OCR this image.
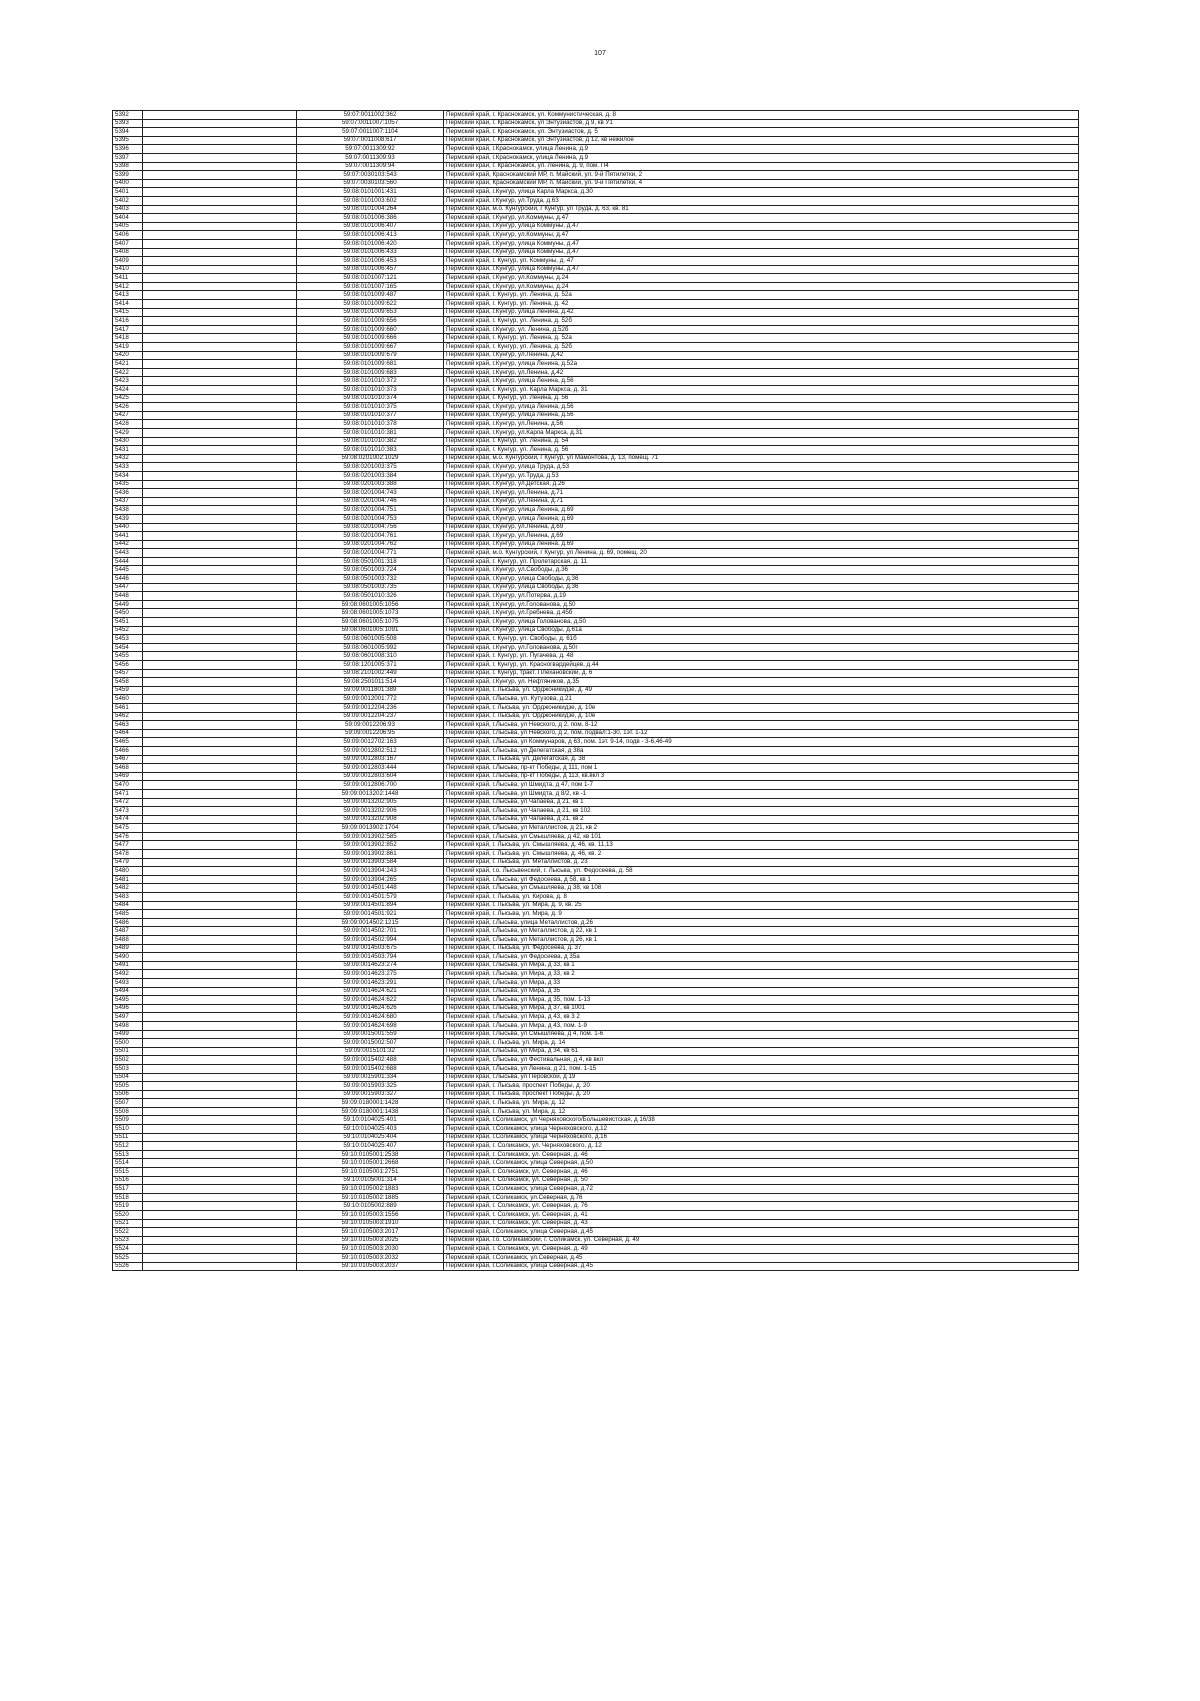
107
5392		59:07:0011002:362	Пермский край, г. Краснокамск, ул. Коммунистическая, д. 8
5393		59:07:0011007:1057	Пермский край, г. Краснокамск, ул Энтузиастов, д 9, кв У1
5394		59:07:0011007:1104	Пермский край, г. Краснокамск, ул. Энтузиастов, д. 5
5395		59:07:0011008:617	Пермский край, г. Краснокамск, ул Энтузиастов, д 12, кв нежилое
5396		59:07:0011309:92	Пермский край, г.Краснокамск, улица Ленина, д.9
5397		59:07:0011309:93	Пермский край, г.Краснокамск, улица Ленина, д.9
5398		59:07:0011309:94	Пермский край, г. Краснокамск, ул. Ленина, д. 9, пом. П4
5399		59:07:0030103:543	Пермский край, Краснокамский МР, п. Майский, ул. 9-й Пятилетки, 2
5400		59:07:0030103:560	Пермский край, Краснокамский МР, п. Майский, ул. 9-й Пятилетки, 4
5401		59:08:0101001:431	Пермский край, г.Кунгур, улица Карла Маркса, д.30
5402		59:08:0101003:602	Пермский край, г.Кунгур, ул.Труда, д.63
5403		59:08:0101004:264	Пермский край, м.о. Кунгурский, г Кунгур, ул Труда, д. 63, кв. 81
5404		59:08:0101006:386	Пермский край, г.Кунгур, ул.Коммуны, д.47
5405		59:08:0101006:407	Пермский край, г.Кунгур, улица Коммуны, д.47
5406		59:08:0101006:413	Пермский край, г.Кунгур, ул.Коммуны, д.47
5407		59:08:0101006:420	Пермский край, г.Кунгур, улица Коммуны, д.47
5408		59:08:0101006:433	Пермский край, г.Кунгур, улица Коммуны, д.47
5409		59:08:0101006:453	Пермский край, г. Кунгур, ул. Коммуны, д. 47
5410		59:08:0101006:457	Пермский край, г.Кунгур, улица Коммуны, д.47
5411		59:08:0101007:121	Пермский край, г.Кунгур, ул.Коммуны, д.24
5412		59:08:0101007:165	Пермский край, г.Кунгур, ул.Коммуны, д.24
5413		59:08:0101009:487	Пермский край, г. Кунгур, ул. Ленина, д. 52а
5414		59:08:0101009:622	Пермский край, г. Кунгур, ул. Ленина, д. 42
5415		59:08:0101009:653	Пермский край, г.Кунгур, улица Ленина, д.42
5416		59:08:0101009:656	Пермский край, г. Кунгур, ул. Ленина, д. 52б
5417		59:08:0101009:660	Пермский край, г.Кунгур, ул. Ленина, д.52б
5418		59:08:0101009:666	Пермский край, г. Кунгур, ул. Ленина, д. 52а
5419		59:08:0101009:667	Пермский край, г. Кунгур, ул. Ленина, д. 52б
5420		59:08:0101009:679	Пермский край, г.Кунгур, ул.Ленина, д.42
5421		59:08:0101009:681	Пермский край, г.Кунгур, улица Ленина, д.52а
5422		59:08:0101009:683	Пермский край, г.Кунгур, ул.Ленина, д.42
5423		59:08:0101010:372	Пермский край, г.Кунгур, улица Ленина, д.56
5424		59:08:0101010:373	Пермский край, г. Кунгур, ул. Карла Маркса, д. 31
5425		59:08:0101010:374	Пермский край, г. Кунгур, ул. Ленина, д. 56
5426		59:08:0101010:375	Пермский край, г.Кунгур, улица Ленина, д.56
5427		59:08:0101010:377	Пермский край, г.Кунгур, улица Ленина, д.56
5428		59:08:0101010:378	Пермский край, г.Кунгур, ул.Ленина, д.56
5429		59:08:0101010:381	Пермский край, г.Кунгур, ул.Карла Маркса, д.31
5430		59:08:0101010:382	Пермский край, г. Кунгур, ул. Ленина, д. 54
5431		59:08:0101010:383	Пермский край, г. Кунгур, ул. Ленина, д. 56
5432		59:08:0201002:1029	Пермский край, м.о. Кунгурский, г Кунгур, ул Мамонтова, д. 13, помещ. 71
5433		59:08:0201003:375	Пермский край, г.Кунгур, улица Труда, д.53
5434		59:08:0201003:384	Пермский край, г.Кунгур, ул.Труда, д.53
5435		59:08:0201003:388	Пермский край, г.Кунгур, ул.Детская, д.26
5436		59:08:0201004:743	Пермский край, г.Кунгур, ул.Ленина, д.71
5437		59:08:0201004:746	Пермский край, г.Кунгур, ул.Ленина, д.71
5438		59:08:0201004:751	Пермский край, г.Кунгур, улица Ленина, д.69
5439		59:08:0201004:753	Пермский край, г.Кунгур, улица Ленина, д.69
5440		59:08:0201004:756	Пермский край, г.Кунгур, ул.Ленина, д.69
5441		59:08:0201004:761	Пермский край, г.Кунгур, ул.Ленина, д.69
5442		59:08:0201004:762	Пермский край, г.Кунгур, улица Ленина, д.69
5443		59:08:0201004:771	Пермский край, м.о. Кунгурский, г Кунгур, ул Ленина, д. 69, помещ. 20
5444		59:08:0501001:318	Пермский край, г. Кунгур, ул. Пролетарская, д. 11
5445		59:08:0501003:724	Пермский край, г.Кунгур, ул.Свободы, д.36
5446		59:08:0501003:732	Пермский край, г.Кунгур, улица Свободы, д.36
5447		59:08:0501003:735	Пермский край, г.Кунгур, улица Свободы, д.36
5448		59:08:0501010:326	Пермский край, г.Кунгур, ул.Потерва, д.19
5449		59:08:0601005:1056	Пермский край, г.Кунгур, ул.Голованова, д.50
5450		59:08:0601005:1073	Пермский край, г.Кунгур, ул.Гребнева, д.45б
5451		59:08:0601005:1075	Пермский край, г.Кунгур, улица Голованова, д.50
5452		59:08:0601005:1091	Пермский край, г.Кунгур, улица Свободы, д.61а
5453		59:08:0601005:508	Пермский край, г. Кунгур, ул. Свободы, д. 61б
5454		59:08:0601005:992	Пермский край, г.Кунгур, ул.Голованова, д.50г
5455		59:08:0601008:310	Пермский край, г. Кунгур, ул. Пугачева, д. 48
5456		59:08:1201005:371	Пермский край, г. Кунгур, ул. Красногвардейцев, д.44
5457		59:08:2101002:449	Пермский край, г. Кунгур, тракт. Плехановский, д. 6
5458		59:08:2501011:514	Пермский край, г.Кунгур, ул. Нефтяников, д.35
5459		59:09:0011801:389	Пермский край, г. Лысьва, ул. Орджоникидзе, д. 49
5460		59:09:0012001:772	Пермский край, г.Лысьва, ул. Кутузова, д.21
5461		59:09:0012204:236	Пермский край, г. Лысьва, ул. Орджоникидзе, д. 10е
5462		59:09:0012204:237	Пермский край, г. Лысьва, ул. Орджоникидзе, д. 10е
5463		59:09:0012206:93	Пермский край, г.Лысьва, ул Невского, д 2, пом. 8-12
5464		59:09:0012206:95	Пермский край, г.Лысьва, ул Невского, д 2, пом. подвал:1-30, 1эт. 1-12
5465		59:09:0012702:163	Пермский край, г.Лысьва, ул Коммунаров, д 63, пом. 1эт. 9-14, подв - 3-6,46-49
5466		59:09:0012802:512	Пермский край, г.Лысьва, ул Делегатская, д 38а
5467		59:09:0012803:167	Пермский край, г. Лысьва, ул. Делегатская, д. 38
5468		59:09:0012803:444	Пермский край, г.Лысьва, пр-кт Победы, д 111, пом 1
5469		59:09:0012803:604	Пермский край, г.Лысьва, пр-кт Победы, д 113, кв.вкл 3
5470		59:09:0012806:700	Пермский край, г.Лысьва, ул Шмидта, д 47, пом 1-7
5471		59:09:0013202:1448	Пермский край, г.Лысьва, ул Шмидта, д 8/2, кв -1
5472		59:09:0013202:905	Пермский край, г.Лысьва, ул Чапаева, д 21, кв 1
5473		59:09:0013202:906	Пермский край, г.Лысьва, ул Чапаева, д 21, кв 102
5474		59:09:0013202:908	Пермский край, г.Лысьва, ул Чапаева, д 21, кв 2
5475		59:09:0013902:1704	Пермский край, г.Лысьва, ул Металлистов, д 21, кв 2
5476		59:09:0013902:585	Пермский край, г.Лысьва, ул Смышляева, д 42, кв 101
5477		59:09:0013902:852	Пермский край, г. Лысьва, ул. Смышляева, д. 46, кв. 11,13
5478		59:09:0013902:861	Пермский край, г. Лысьва, ул. Смышляева, д. 46, кв. 2
5479		59:09:0013903:584	Пермский край, г. Лысьва, ул. Металлистов, д. 23
5480		59:09:0013904:243	Пермский край, г.о. Лысьвенский, г. Лысьва, ул. Федосеева, д. 58
5481		59:09:0013904:265	Пермский край, г.Лысьва, ул Федосеева, д 58, кв 1
5482		59:09:0014501:448	Пермский край, г.Лысьва, ул Смышляева, д 38, кв 108
5483		59:09:0014501:579	Пермский край, г. Лысьва, ул. Кирова, д. 8
5484		59:09:0014501:894	Пермский край, г. Лысьва, ул. Мира, д. 9, кв. 25
5485		59:09:0014501:921	Пермский край, г. Лысьва, ул. Мира, д. 9
5486		59:09:0014502:1215	Пермский край, г.Лысьва, улица Металлистов, д.26
5487		59:09:0014502:701	Пермский край, г.Лысьва, ул Металлистов, д 22, кв 1
5488		59:09:0014502:994	Пермский край, г.Лысьва, ул Металлистов, д 26, кв 1
5489		59:09:0014503:675	Пермский край, г. Лысьва, ул. Федосеева, д. 37
5490		59:09:0014503:794	Пермский край, г.Лысьва, ул Федосеева, д 35а
5491		59:09:0014623:274	Пермский край, г.Лысьва, ул Мира, д 33, кв 1
5492		59:09:0014623:275	Пермский край, г.Лысьва, ул Мира, д 33, кв 2
5493		59:09:0014623:291	Пермский край, г.Лысьва, ул Мира, д 33
5494		59:09:0014624:621	Пермский край, г.Лысьва, ул Мира, д 35
5495		59:09:0014624:622	Пермский край, г.Лысьва, ул Мира, д 35, пом. 1-13
5496		59:09:0014624:626	Пермский край, г.Лысьва, ул Мира, д 37, кв 1001
5497		59:09:0014624:680	Пермский край, г.Лысьва, ул Мира, д 43, кв 3 2
5498		59:09:0014624:698	Пермский край, г.Лысьва, ул Мира, д 43, пом. 1-9
5499		59:09:0015001:559	Пермский край, г.Лысьва, ул Смышляева, д 4, пом. 1-6
5500		59:09:0015002:507	Пермский край, г. Лысьва, ул. Мира, д. 14
5501		59:09:0015101:32	Пермский край, г.Лысьва, ул Мира, д 34, кв 61
5502		59:09:0015402:488	Пермский край, г.Лысьва, ул Фестивальная, д 4, кв вкл
5503		59:09:0015402:688	Пермский край, г.Лысьва, ул Ленина, д 21, пом. 1-15
5504		59:09:0015901:334	Пермский край, г.Лысьва, ул Перовской, д 19
5505		59:09:0015903:325	Пермский край, г. Лысьва, проспект Победы, д. 20
5506		59:09:0015903:327	Пермский край, г. Лысьва, проспект Победы, д. 20
5507		59:09:0180001:1428	Пермский край, г. Лысьва, ул. Мира, д. 12
5508		59:09:0180001:1438	Пермский край, г. Лысьва, ул. Мира, д. 12
5509		59:10:0104025:401	Пермский край, г.Соликамск, ул Черняховского/Большевистская, д 16/38
5510		59:10:0104025:403	Пермский край, г.Соликамск, улица Черняховского, д.12
5511		59:10:0104025:404	Пермский край, г.Соликамск, улица Черняховского, д.16
5512		59:10:0104025:407	Пермский край, г. Соликамск, ул. Черняховского, д. 12
5513		59:10:0105001:2538	Пермский край, г. Соликамск, ул. Северная, д. 46
5514		59:10:0105001:2668	Пермский край, г.Соликамск, улица Северная, д.50
5515		59:10:0105001:2751	Пермский край, г. Соликамск, ул. Северная, д. 46
5516		59:10:0105001:314	Пермский край, г. Соликамск, ул. Северная, д. 50
5517		59:10:0105002:1883	Пермский край, г.Соликамск, улица Северная, д.72
5518		59:10:0105002:1885	Пермский край, г.Соликамск, ул.Северная, д.76
5519		59:10:0105002:889	Пермский край, г. Соликамск, ул. Северная, д. 76
5520		59:10:0105003:1556	Пермский край, г. Соликамск, ул. Северная, д. 41
5521		59:10:0105003:1910	Пермский край, г. Соликамск, ул. Северная, д. 43
5522		59:10:0105003:2017	Пермский край, г.Соликамск, улица Северная, д.45
5523		59:10:0105003:2025	Пермский край, г.о. Соликамский, г. Соликамск, ул. Северная, д. 49
5524		59:10:0105003:2030	Пермский край, г. Соликамск, ул. Северная, д. 49
5525		59:10:0105003:2032	Пермский край, г.Соликамск, ул.Северная, д.45
5526		59:10:0105003:2037	Пермский край, г.Соликамск, улица Северная, д.45
